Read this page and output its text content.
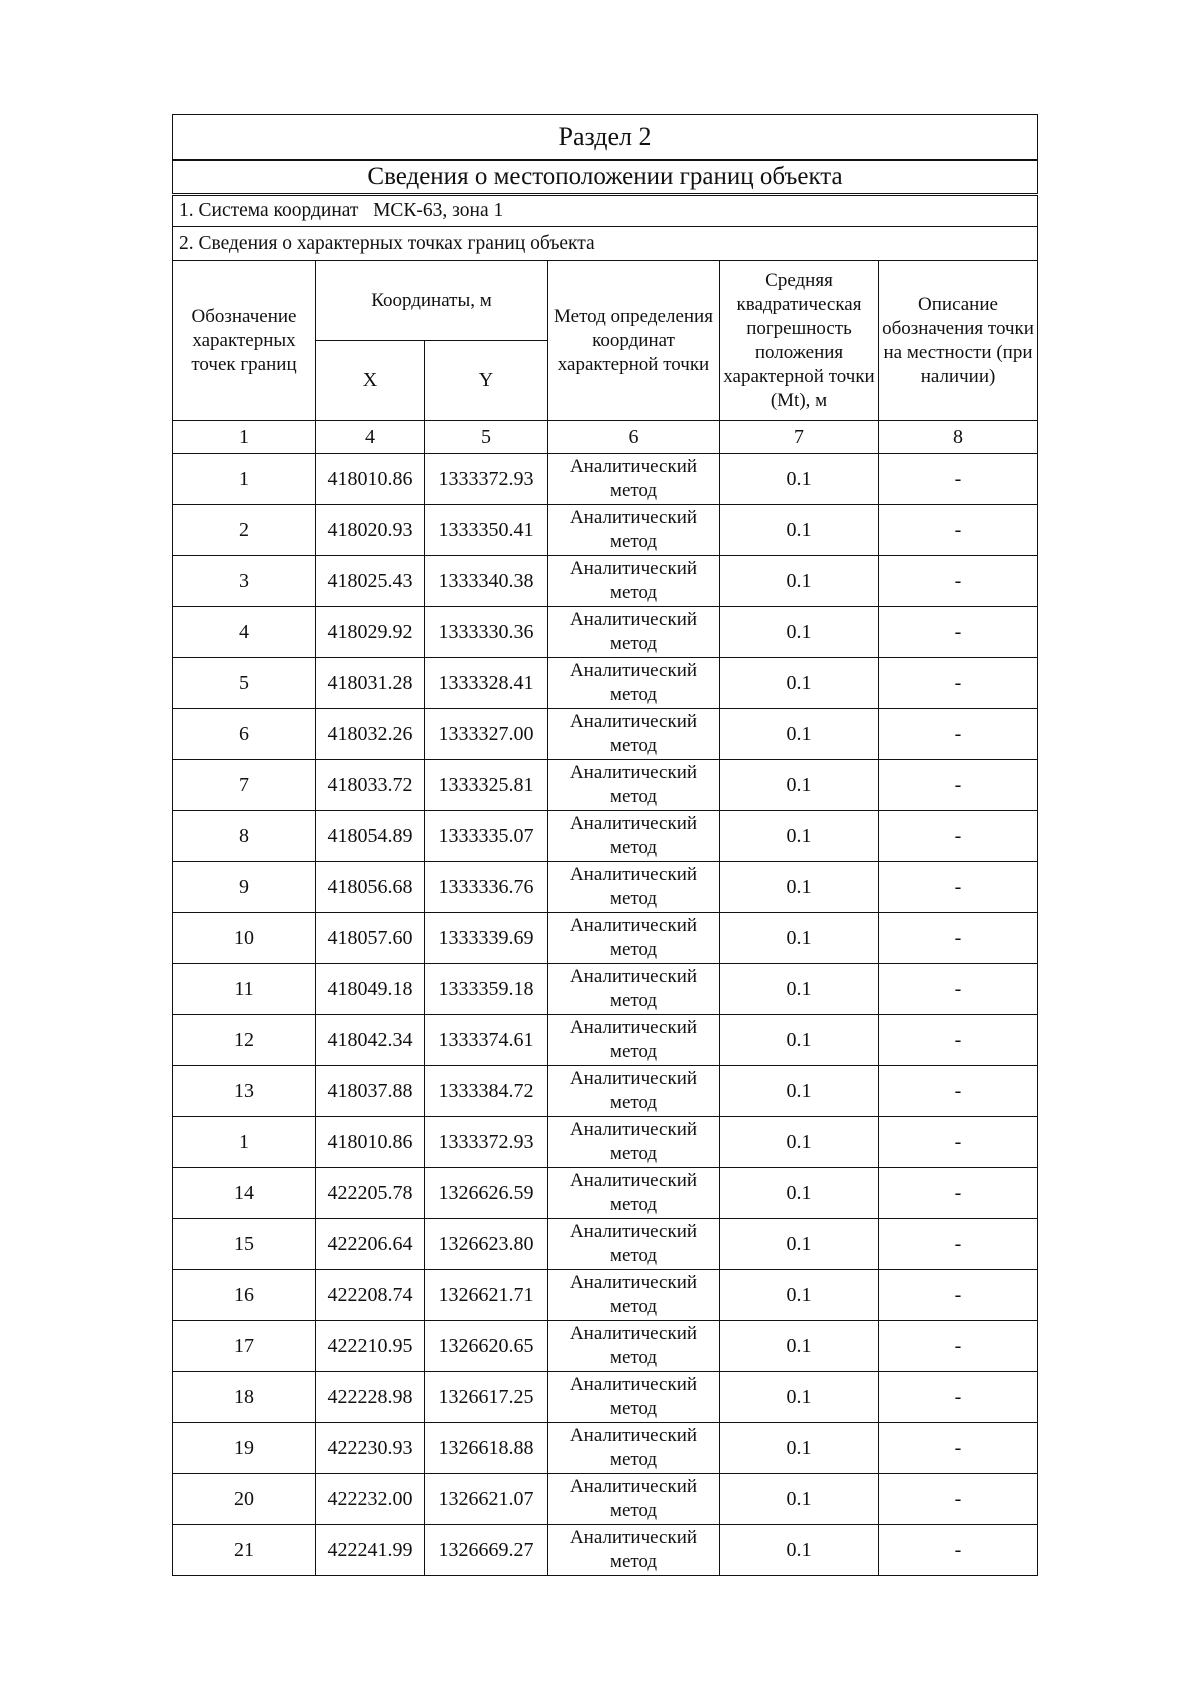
Раздел 2					
Сведения о местоположении границ объекта					
1. Система координат   МСК-63, зона 1					
2. Сведения о характерных точках границ объекта					
Обозначение характерных точек границ	Координаты, м		Метод определения координат характерной точки	Средняя квадратическая погрешность положения характерной точки (Mt), м	Описание обозначения точки на местности (при наличии)
	X	Y			
1	4	5	6	7	8
1	418010.86	1333372.93	Аналитический метод	0.1	-
2	418020.93	1333350.41	Аналитический метод	0.1	-
3	418025.43	1333340.38	Аналитический метод	0.1	-
4	418029.92	1333330.36	Аналитический метод	0.1	-
5	418031.28	1333328.41	Аналитический метод	0.1	-
6	418032.26	1333327.00	Аналитический метод	0.1	-
7	418033.72	1333325.81	Аналитический метод	0.1	-
8	418054.89	1333335.07	Аналитический метод	0.1	-
9	418056.68	1333336.76	Аналитический метод	0.1	-
10	418057.60	1333339.69	Аналитический метод	0.1	-
11	418049.18	1333359.18	Аналитический метод	0.1	-
12	418042.34	1333374.61	Аналитический метод	0.1	-
13	418037.88	1333384.72	Аналитический метод	0.1	-
1	418010.86	1333372.93	Аналитический метод	0.1	-
14	422205.78	1326626.59	Аналитический метод	0.1	-
15	422206.64	1326623.80	Аналитический метод	0.1	-
16	422208.74	1326621.71	Аналитический метод	0.1	-
17	422210.95	1326620.65	Аналитический метод	0.1	-
18	422228.98	1326617.25	Аналитический метод	0.1	-
19	422230.93	1326618.88	Аналитический метод	0.1	-
20	422232.00	1326621.07	Аналитический метод	0.1	-
21	422241.99	1326669.27	Аналитический метод	0.1	-
